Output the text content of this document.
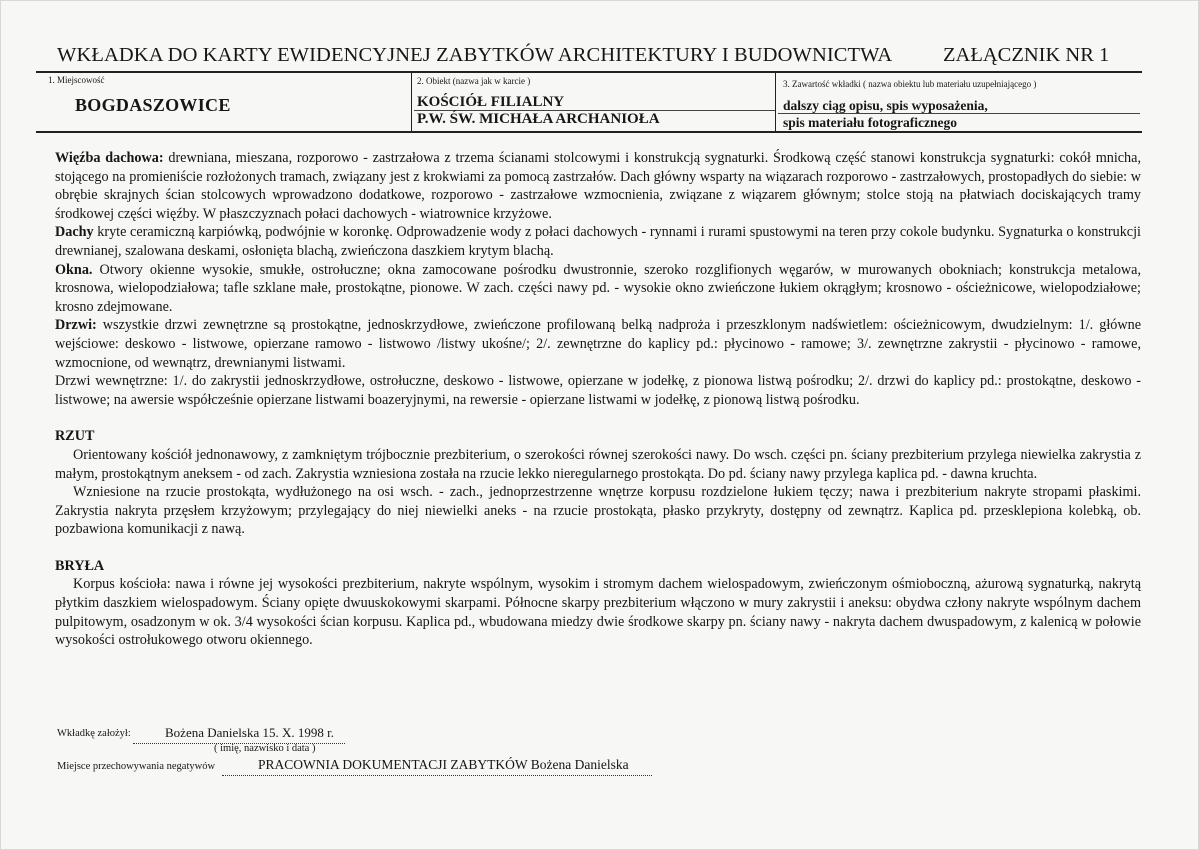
WKŁADKA DO KARTY EWIDENCYJNEJ ZABYTKÓW ARCHITEKTURY I BUDOWNICTWA ZAŁĄCZNIK NR 1
1. Miejscowość
BOGDASZOWICE
2. Obiekt (nazwa jak w karcie )
KOŚCIÓŁ FILIALNY
P.W. ŚW. MICHAŁA ARCHANIOŁA
3. Zawartość wkładki ( nazwa obiektu lub materiału uzupełniającego )
dalszy ciąg opisu, spis wyposażenia,
spis materiału fotograficznego

Więźba dachowa: drewniana, mieszana, rozporowo - zastrzałowa z trzema ścianami stolcowymi i konstrukcją sygnaturki. Środkową część stanowi konstrukcja sygnaturki: cokół mnicha, stojącego na promieniście rozłożonych tramach, związany jest z krokwiami za pomocą zastrzałów. Dach główny wsparty na wiązarach rozporowo - zastrzałowych, prostopadłych do siebie: w obrębie skrajnych ścian stolcowych wprowadzono dodatkowe, rozporowo - zastrzałowe wzmocnienia, związane z wiązarem głównym; stolce stoją na płatwiach dociskających tramy środkowej części więźby. W płaszczyznach połaci dachowych - wiatrownice krzyżowe.

Dachy kryte ceramiczną karpiówką, podwójnie w koronkę. Odprowadzenie wody z połaci dachowych - rynnami i rurami spustowymi na teren przy cokole budynku. Sygnaturka o konstrukcji drewnianej, szalowana deskami, osłonięta blachą, zwieńczona daszkiem krytym blachą.

Okna. Otwory okienne wysokie, smukłe, ostrołuczne; okna zamocowane pośrodku dwustronnie, szeroko rozglifionych węgarów, w murowanych obokniach; konstrukcja metalowa, krosnowa, wielopodziałowa; tafle szklane małe, prostokątne, pionowe. W zach. części nawy pd. - wysokie okno zwieńczone łukiem okrągłym; krosnowo - ościeżnicowe, wielopodziałowe; krosno zdejmowane.

Drzwi: wszystkie drzwi zewnętrzne są prostokątne, jednoskrzydłowe, zwieńczone profilowaną belką nadproża i przeszklonym nadświetlem: ościeżnicowym, dwudzielnym: 1/. główne wejściowe: deskowo - listwowe, opierzane ramowo - listwowo /listwy ukośne/; 2/. zewnętrzne do kaplicy pd.: płycinowo - ramowe; 3/. zewnętrzne zakrystii - płycinowo - ramowe, wzmocnione, od wewnątrz, drewnianymi listwami.

Drzwi wewnętrzne: 1/. do zakrystii jednoskrzydłowe, ostrołuczne, deskowo - listwowe, opierzane w jodełkę, z pionowa listwą pośrodku; 2/. drzwi do kaplicy pd.: prostokątne, deskowo - listwowe; na awersie współcześnie opierzane listwami boazeryjnymi, na rewersie - opierzane listwami w jodełkę, z pionową listwą pośrodku.

RZUT

Orientowany kościół jednonawowy, z zamkniętym trójbocznie prezbiterium, o szerokości równej szerokości nawy. Do wsch. części pn. ściany prezbiterium przylega niewielka zakrystia z małym, prostokątnym aneksem - od zach. Zakrystia wzniesiona została na rzucie lekko nieregularnego prostokąta. Do pd. ściany nawy przylega kaplica pd. - dawna kruchta.

Wzniesione na rzucie prostokąta, wydłużonego na osi wsch. - zach., jednoprzestrzenne wnętrze korpusu rozdzielone łukiem tęczy; nawa i prezbiterium nakryte stropami płaskimi. Zakrystia nakryta przęsłem krzyżowym; przylegający do niej niewielki aneks - na rzucie prostokąta, płasko przykryty, dostępny od zewnątrz. Kaplica pd. przesklepiona kolebką, ob. pozbawiona komunikacji z nawą.

BRYŁA

Korpus kościoła: nawa i równe jej wysokości prezbiterium, nakryte wspólnym, wysokim i stromym dachem wielospadowym, zwieńczonym ośmioboczną, ażurową sygnaturką, nakrytą płytkim daszkiem wielospadowym. Ściany opięte dwuuskokowymi skarpami. Północne skarpy prezbiterium włączono w mury zakrystii i aneksu: obydwa człony nakryte wspólnym dachem pulpitowym, osadzonym w ok. 3/4 wysokości ścian korpusu. Kaplica pd., wbudowana miedzy dwie środkowe skarpy pn. ściany nawy - nakryta dachem dwuspadowym, z kalenicą w połowie wysokości ostrołukowego otworu okiennego.

Wkładkę założył:	Bożena Danielska 15. X. 1998 r.
( imię, nazwisko i data )
Miejsce przechowywania negatywów	PRACOWNIA DOKUMENTACJI ZABYTKÓW Bożena Danielska
